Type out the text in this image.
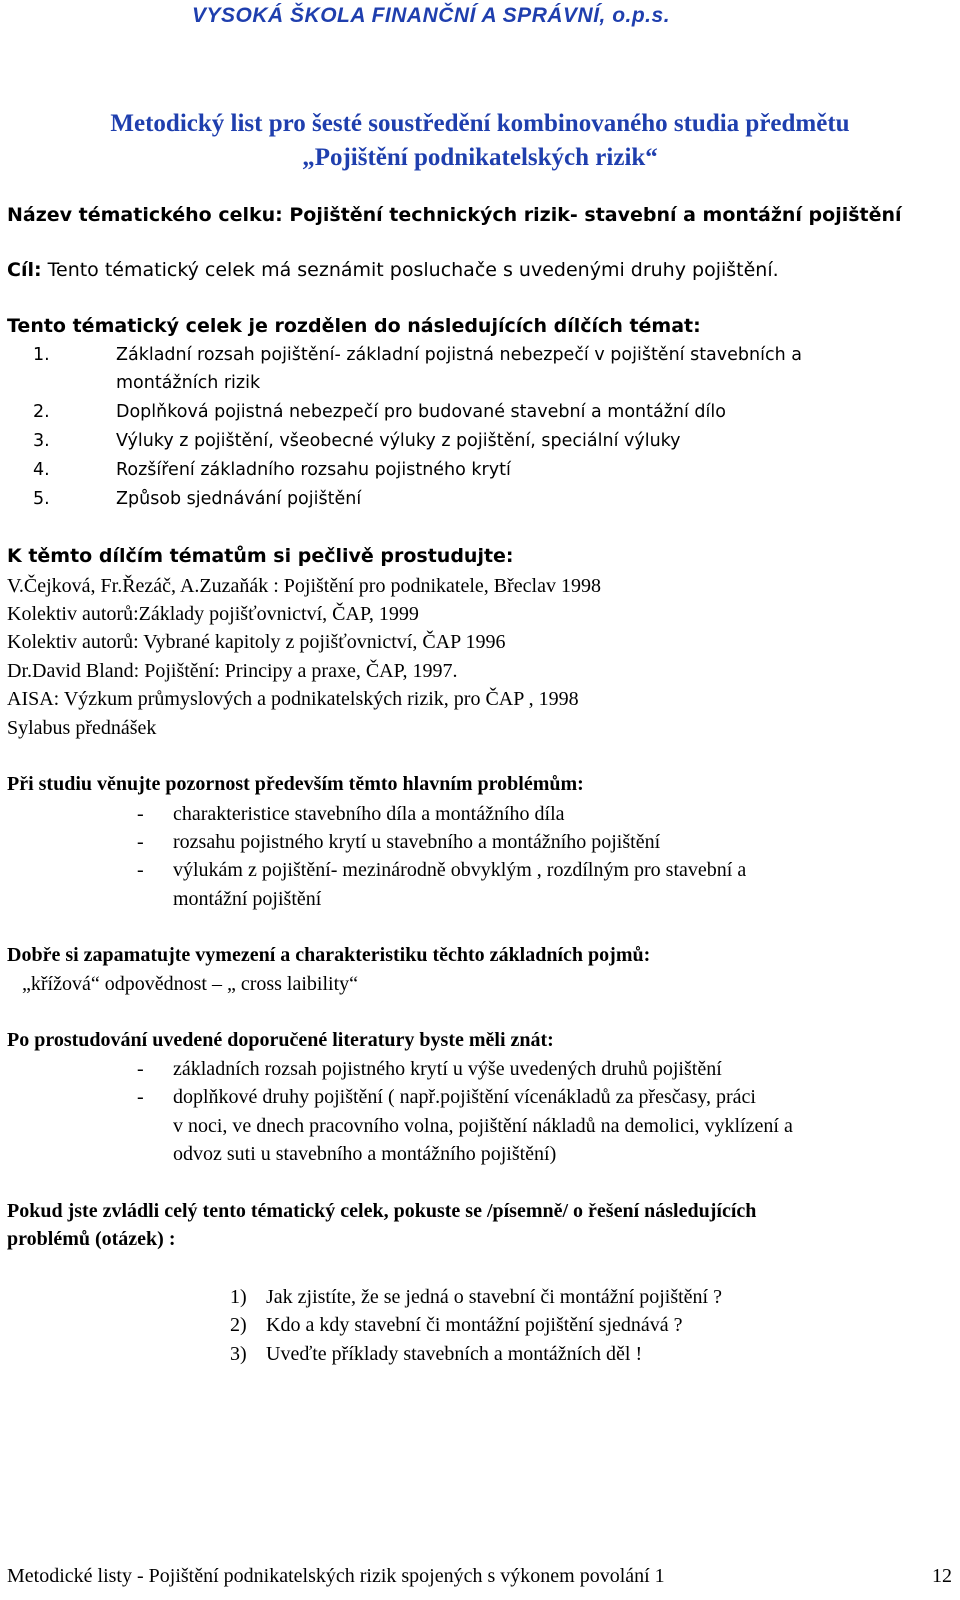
VYSOKÁ ŠKOLA FINANČNÍ A SPRÁVNÍ, o.p.s.
Metodický list pro šesté soustředění kombinovaného studia předmětu
„Pojištění podnikatelských rizik“
Název tématického celku: Pojištění technických rizik- stavební a montážní pojištění
Cíl: Tento tématický celek má seznámit posluchače s uvedenými druhy pojištění.
Tento tématický celek je rozdělen do následujících dílčích témat:
1.	Základní rozsah pojištění- základní pojistná nebezpečí v pojištění stavebních a
montážních rizik
2.	Doplňková pojistná nebezpečí pro budované stavební a montážní dílo
3.	Výluky z pojištění, všeobecné výluky z pojištění, speciální výluky
4.	Rozšíření základního rozsahu pojistného krytí
5.	Způsob sjednávání pojištění
K těmto dílčím tématům si pečlivě prostudujte:
V.Čejková, Fr.Řezáč, A.Zuzaňák : Pojištění pro podnikatele, Břeclav 1998
Kolektiv autorů:Základy pojišťovnictví, ČAP, 1999
Kolektiv autorů: Vybrané kapitoly z pojišťovnictví, ČAP 1996
Dr.David Bland: Pojištění: Principy a praxe, ČAP, 1997.
AISA: Výzkum průmyslových a podnikatelských rizik, pro ČAP , 1998
Sylabus přednášek
Při studiu věnujte pozornost především těmto hlavním problémům:
- charakteristice stavebního díla a montážního díla
- rozsahu pojistného krytí u stavebního a montážního pojištění
- výlukám z pojištění- mezinárodně obvyklým , rozdílným pro stavební a
montážní pojištění
Dobře si zapamatujte vymezení a charakteristiku těchto základních pojmů:
„křížová“ odpovědnost – „ cross laibility“
Po prostudování uvedené doporučené literatury byste měli znát:
- základních rozsah pojistného krytí u výše uvedených druhů pojištění
- doplňkové druhy pojištění ( např.pojištění vícenákladů za přesčasy, práci
v noci, ve dnech pracovního volna, pojištění nákladů na demolici, vyklízení a
odvoz suti u stavebního a montážního pojištění)
Pokud jste zvládli celý tento tématický celek, pokuste se /písemně/ o řešení následujících
problémů (otázek) :
1) Jak zjistíte, že se jedná o stavební či montážní pojištění ?
2) Kdo a kdy stavební či montážní pojištění sjednává ?
3) Uveďte příklady stavebních a montážních děl !
Metodické listy - Pojištění podnikatelských rizik spojených s výkonem povolání 1	12
